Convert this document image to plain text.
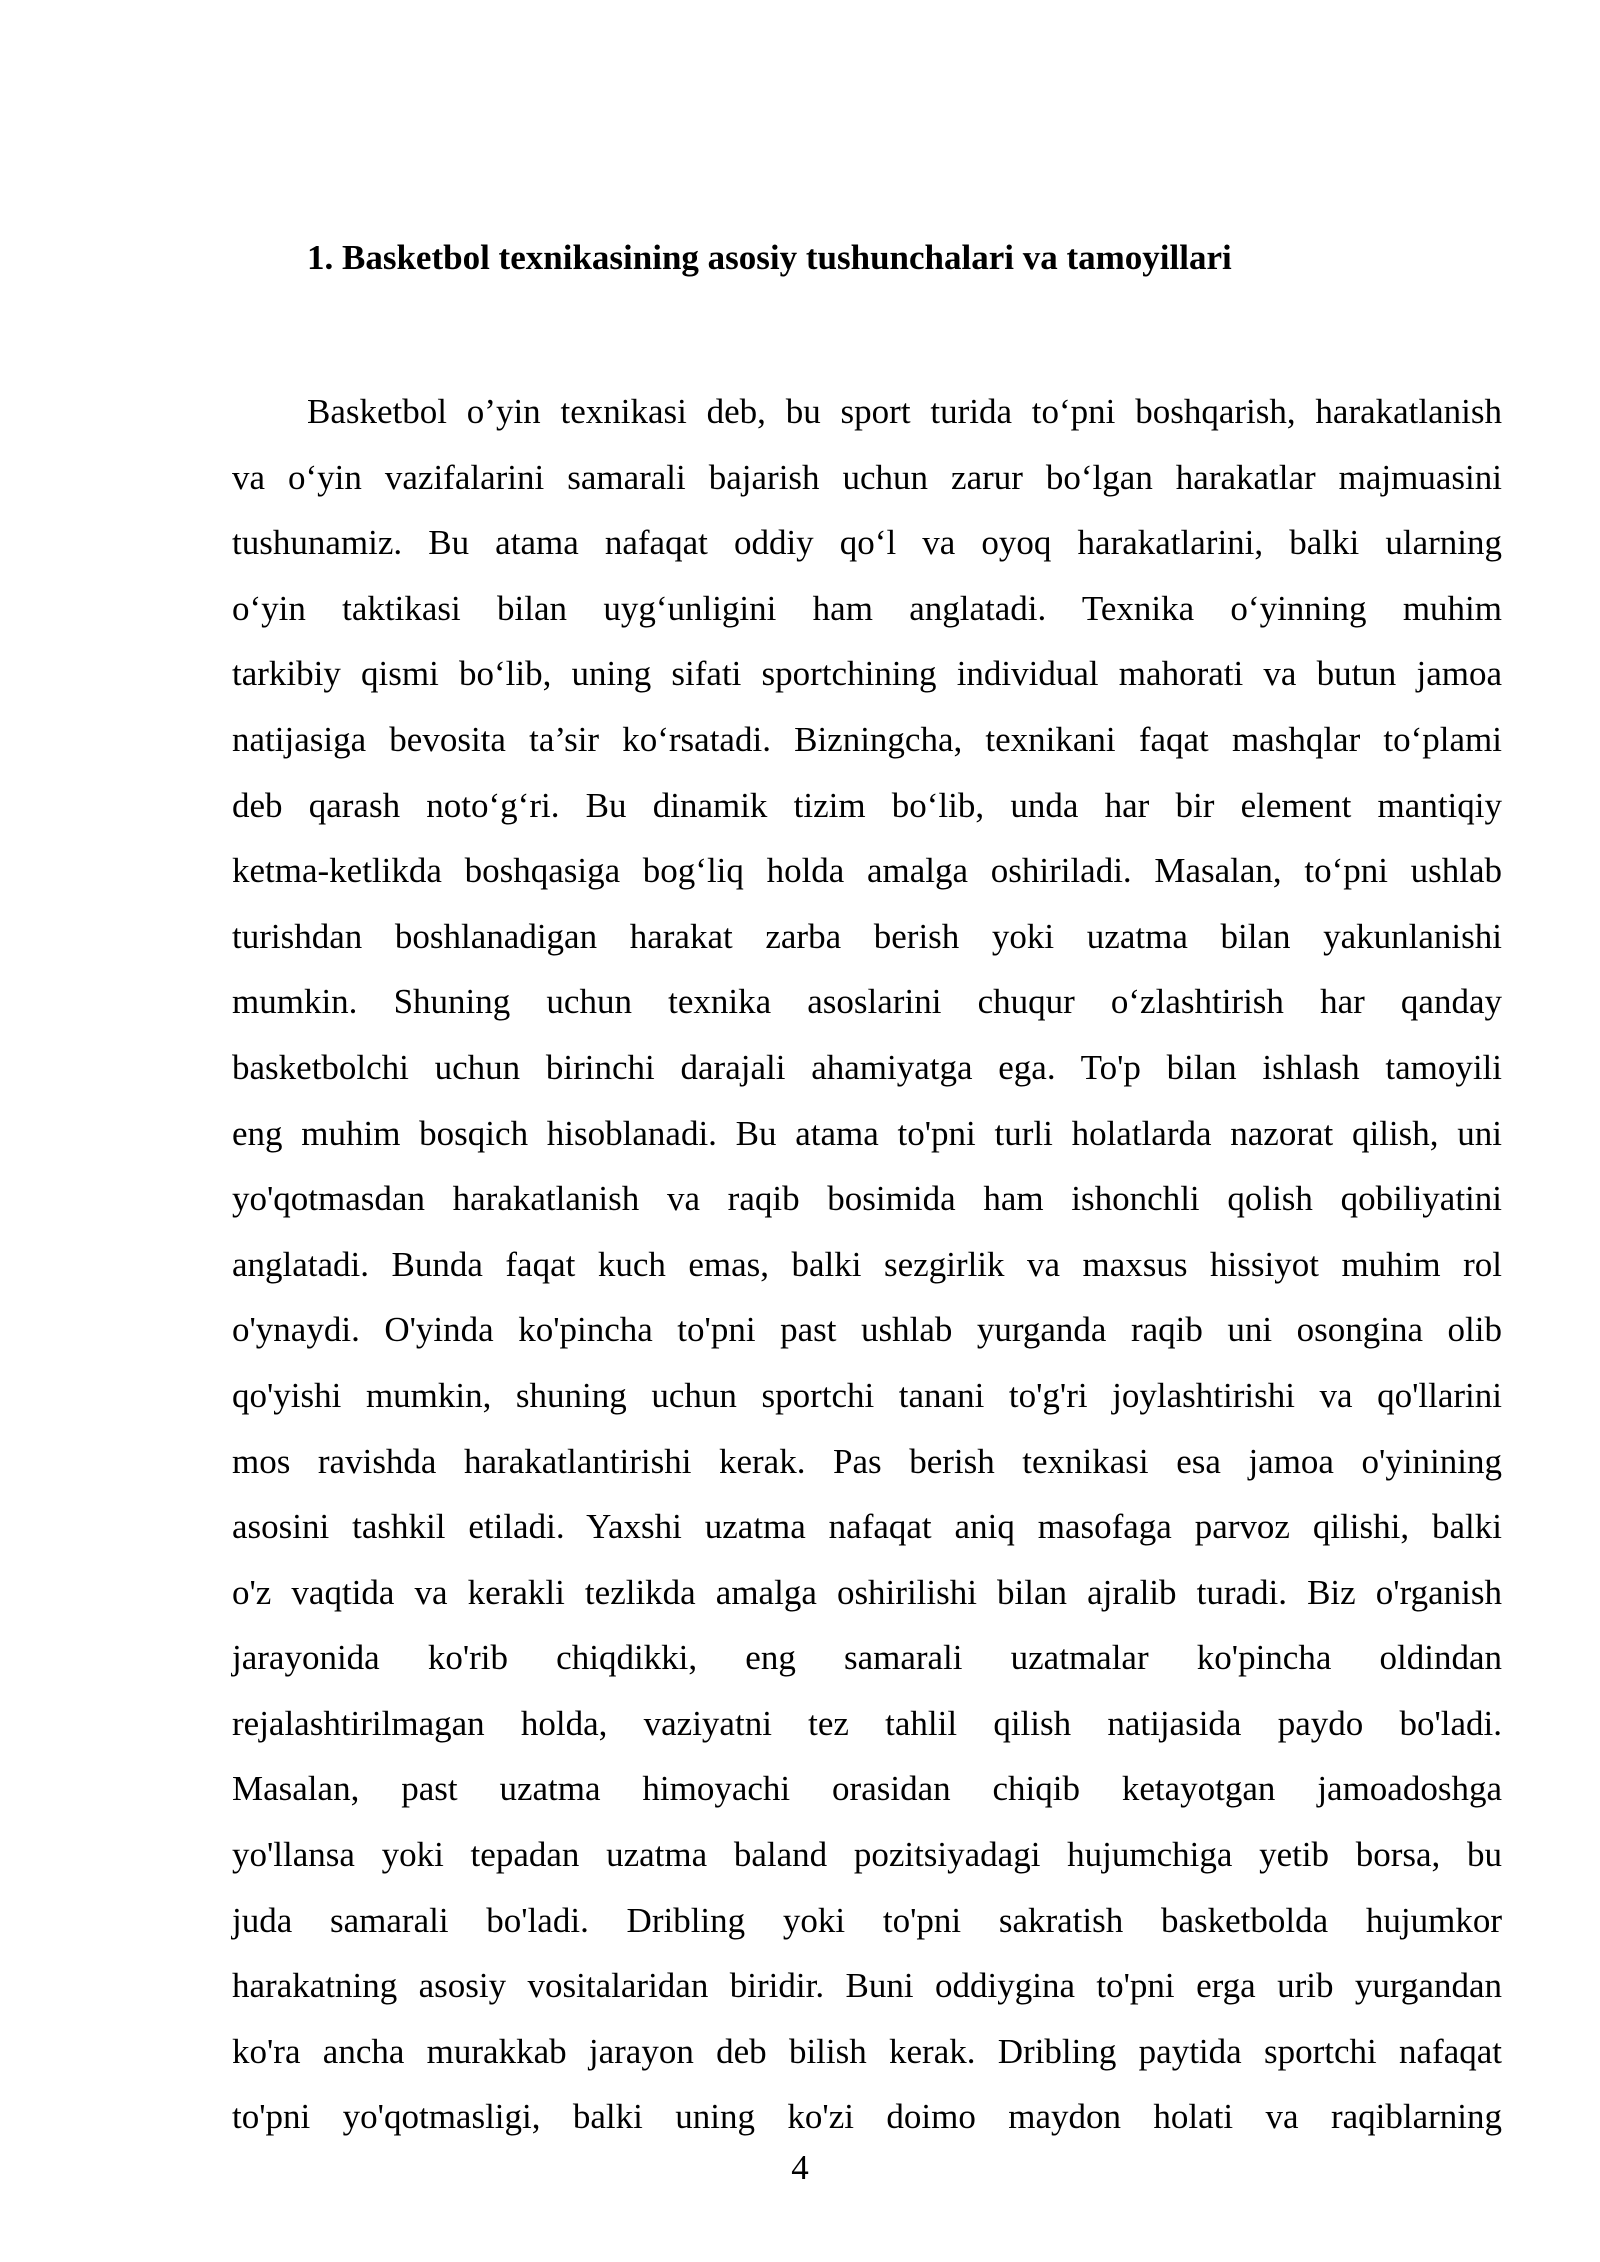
1. Basketbol texnikasining asosiy tushunchalari va tamoyillari
Basketbol o’yin texnikasi deb, bu sport turida to‘pni boshqarish, harakatlanish
va o‘yin vazifalarini samarali bajarish uchun zarur bo‘lgan harakatlar majmuasini
tushunamiz. Bu atama nafaqat oddiy qo‘l va oyoq harakatlarini, balki ularning
o‘yin taktikasi bilan uyg‘unligini ham anglatadi. Texnika o‘yinning muhim
tarkibiy qismi bo‘lib, uning sifati sportchining individual mahorati va butun jamoa
natijasiga bevosita ta’sir ko‘rsatadi. Bizningcha, texnikani faqat mashqlar to‘plami
deb qarash noto‘g‘ri. Bu dinamik tizim bo‘lib, unda har bir element mantiqiy
ketma-ketlikda boshqasiga bog‘liq holda amalga oshiriladi. Masalan, to‘pni ushlab
turishdan boshlanadigan harakat zarba berish yoki uzatma bilan yakunlanishi
mumkin. Shuning uchun texnika asoslarini chuqur o‘zlashtirish har qanday
basketbolchi uchun birinchi darajali ahamiyatga ega. To'p bilan ishlash tamoyili
eng muhim bosqich hisoblanadi. Bu atama to'pni turli holatlarda nazorat qilish, uni
yo'qotmasdan harakatlanish va raqib bosimida ham ishonchli qolish qobiliyatini
anglatadi. Bunda faqat kuch emas, balki sezgirlik va maxsus hissiyot muhim rol
o'ynaydi. O'yinda ko'pincha to'pni past ushlab yurganda raqib uni osongina olib
qo'yishi mumkin, shuning uchun sportchi tanani to'g'ri joylashtirishi va qo'llarini
mos ravishda harakatlantirishi kerak. Pas berish texnikasi esa jamoa o'yinining
asosini tashkil etiladi. Yaxshi uzatma nafaqat aniq masofaga parvoz qilishi, balki
o'z vaqtida va kerakli tezlikda amalga oshirilishi bilan ajralib turadi. Biz o'rganish
jarayonida ko'rib chiqdikki, eng samarali uzatmalar ko'pincha oldindan
rejalashtirilmagan holda, vaziyatni tez tahlil qilish natijasida paydo bo'ladi.
Masalan, past uzatma himoyachi orasidan chiqib ketayotgan jamoadoshga
yo'llansa yoki tepadan uzatma baland pozitsiyadagi hujumchiga yetib borsa, bu
juda samarali bo'ladi. Dribling yoki to'pni sakratish basketbolda hujumkor
harakatning asosiy vositalaridan biridir. Buni oddiygina to'pni erga urib yurgandan
ko'ra ancha murakkab jarayon deb bilish kerak. Dribling paytida sportchi nafaqat
to'pni yo'qotmasligi, balki uning ko'zi doimo maydon holati va raqiblarning

4
